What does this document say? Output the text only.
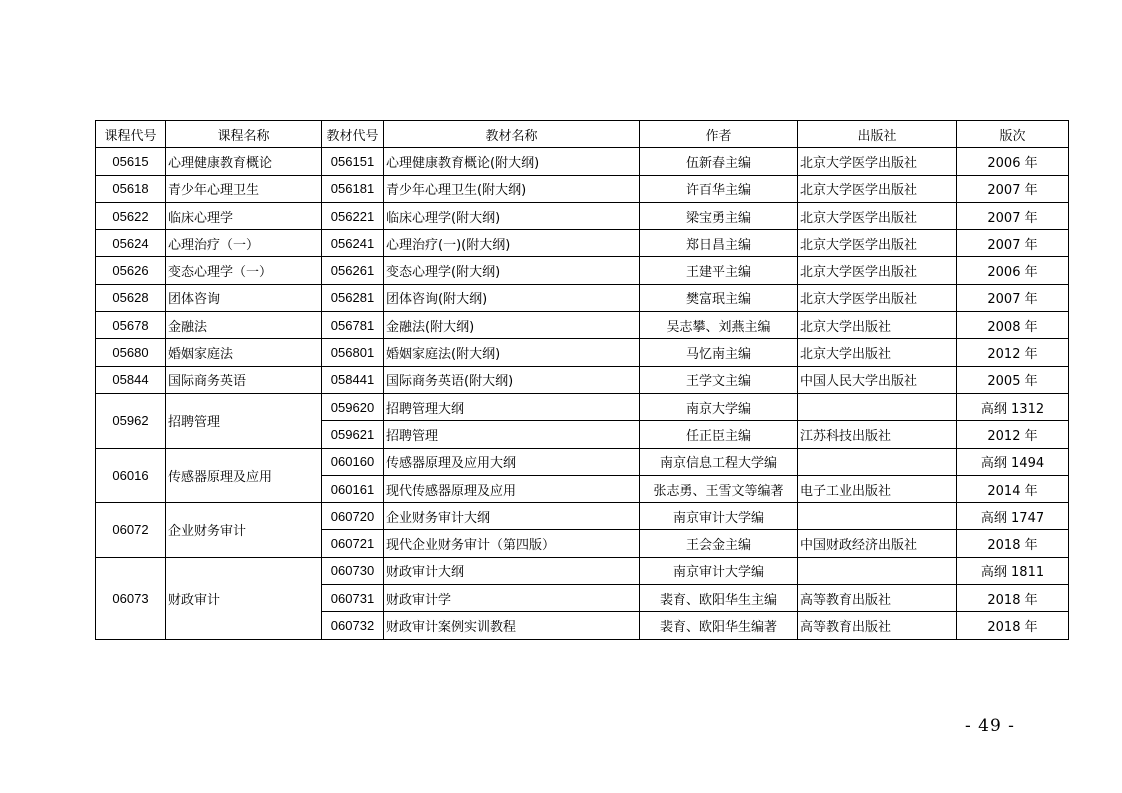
课程代号	课程名称	教材代号	教材名称	作者	出版社	版次
05615	心理健康教育概论	056151	心理健康教育概论(附大纲)	伍新春主编	北京大学医学出版社	2006 年
05618	青少年心理卫生	056181	青少年心理卫生(附大纲)	许百华主编	北京大学医学出版社	2007 年
05622	临床心理学	056221	临床心理学(附大纲)	梁宝勇主编	北京大学医学出版社	2007 年
05624	心理治疗（一）	056241	心理治疗(一)(附大纲)	郑日昌主编	北京大学医学出版社	2007 年
05626	变态心理学（一）	056261	变态心理学(附大纲)	王建平主编	北京大学医学出版社	2006 年
05628	团体咨询	056281	团体咨询(附大纲)	樊富珉主编	北京大学医学出版社	2007 年
05678	金融法	056781	金融法(附大纲)	吴志攀、刘燕主编	北京大学出版社	2008 年
05680	婚姻家庭法	056801	婚姻家庭法(附大纲)	马忆南主编	北京大学出版社	2012 年
05844	国际商务英语	058441	国际商务英语(附大纲)	王学文主编	中国人民大学出版社	2005 年
05962	招聘管理	059620	招聘管理大纲	南京大学编		高纲 1312
		059621	招聘管理	任正臣主编	江苏科技出版社	2012 年
06016	传感器原理及应用	060160	传感器原理及应用大纲	南京信息工程大学编		高纲 1494
		060161	现代传感器原理及应用	张志勇、王雪文等编著	电子工业出版社	2014 年
06072	企业财务审计	060720	企业财务审计大纲	南京审计大学编		高纲 1747
		060721	现代企业财务审计（第四版）	王会金主编	中国财政经济出版社	2018 年
06073	财政审计	060730	财政审计大纲	南京审计大学编		高纲 1811
		060731	财政审计学	裴育、欧阳华生主编	高等教育出版社	2018 年
		060732	财政审计案例实训教程	裴育、欧阳华生编著	高等教育出版社	2018 年
- 49 -
